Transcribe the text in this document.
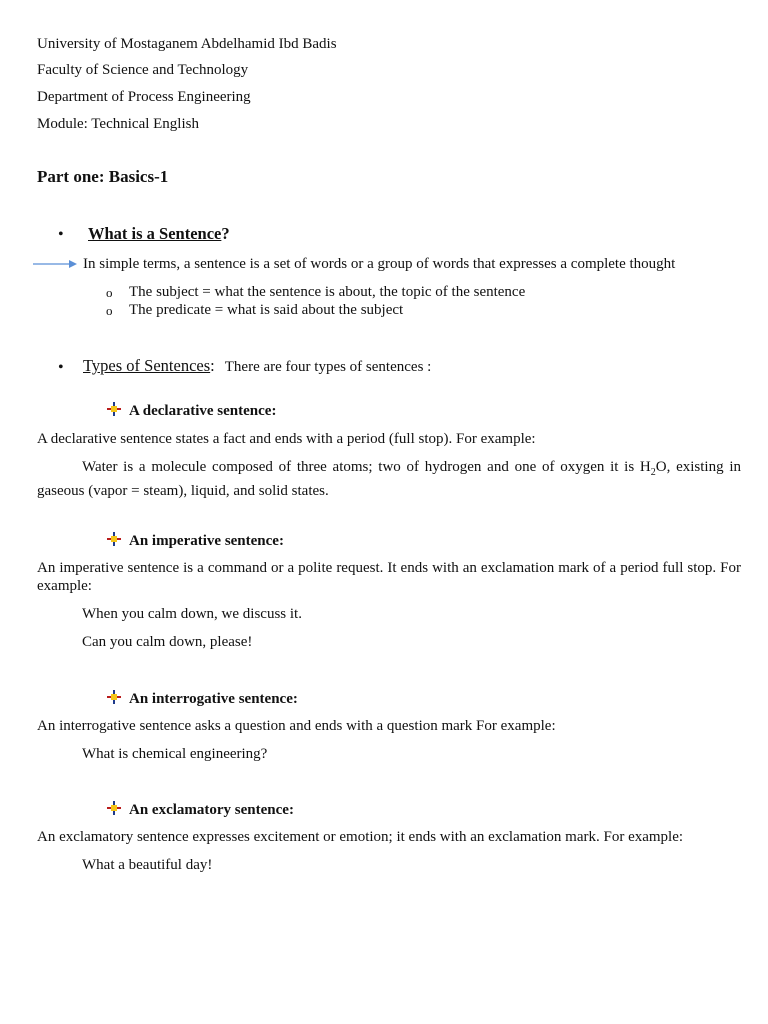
University of Mostaganem Abdelhamid Ibd Badis
Faculty of Science and Technology
Department of Process Engineering
Module: Technical English
Part one: Basics-1
• What is a Sentence?
In simple terms, a sentence is a set of words or a group of words that expresses a complete thought
o The subject = what the sentence is about, the topic of the sentence
o The predicate = what is said about the subject
• Types of Sentences: There are four types of sentences :
A declarative sentence:
A declarative sentence states a fact and ends with a period (full stop). For example:
Water is a molecule composed of three atoms; two of hydrogen and one of oxygen it is $H_2O$, existing in gaseous (vapor = steam), liquid, and solid states.
An imperative sentence:
An imperative sentence is a command or a polite request. It ends with an exclamation mark of a period full stop. For example:
When you calm down, we discuss it.
Can you calm down, please!
An interrogative sentence:
An interrogative sentence asks a question and ends with a question mark For example:
What is chemical engineering?
An exclamatory sentence:
An exclamatory sentence expresses excitement or emotion; it ends with an exclamation mark. For example:
What a beautiful day!
